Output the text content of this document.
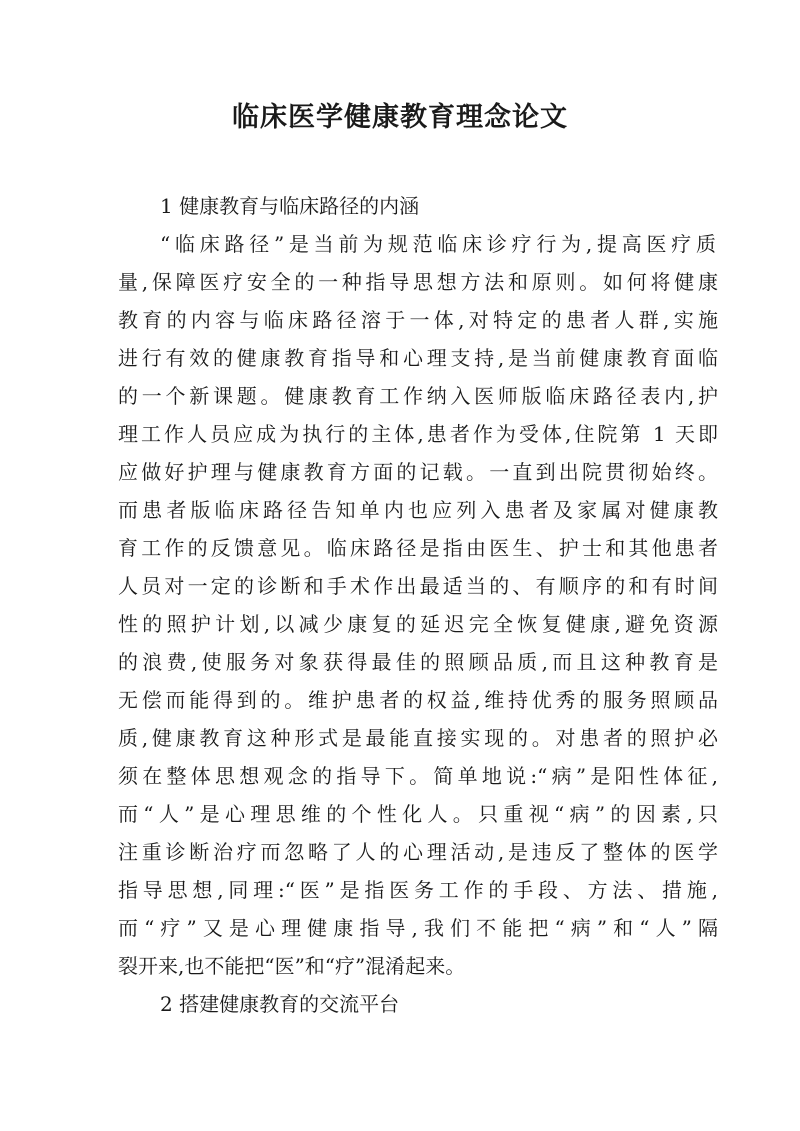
临床医学健康教育理念论文

1 健康教育与临床路径的内涵

“临床路径”是当前为规范临床诊疗行为,提高医疗质

量,保障医疗安全的一种指导思想方法和原则。如何将健康

教育的内容与临床路径溶于一体,对特定的患者人群,实施

进行有效的健康教育指导和心理支持,是当前健康教育面临

的一个新课题。健康教育工作纳入医师版临床路径表内,护

理工作人员应成为执行的主体,患者作为受体,住院第 1 天即

应做好护理与健康教育方面的记载。一直到出院贯彻始终。

而患者版临床路径告知单内也应列入患者及家属对健康教

育工作的反馈意见。临床路径是指由医生、护士和其他患者

人员对一定的诊断和手术作出最适当的、有顺序的和有时间

性的照护计划,以减少康复的延迟完全恢复健康,避免资源

的浪费,使服务对象获得最佳的照顾品质,而且这种教育是

无偿而能得到的。维护患者的权益,维持优秀的服务照顾品

质,健康教育这种形式是最能直接实现的。对患者的照护必

须在整体思想观念的指导下。简单地说:“病”是阳性体征,

而“人”是心理思维的个性化人。只重视“病”的因素,只

注重诊断治疗而忽略了人的心理活动,是违反了整体的医学

指导思想,同理:“医”是指医务工作的手段、方法、措施,

而“疗”又是心理健康指导,我们不能把“病”和“人”隔

裂开来,也不能把“医”和“疗”混淆起来。

2 搭建健康教育的交流平台
